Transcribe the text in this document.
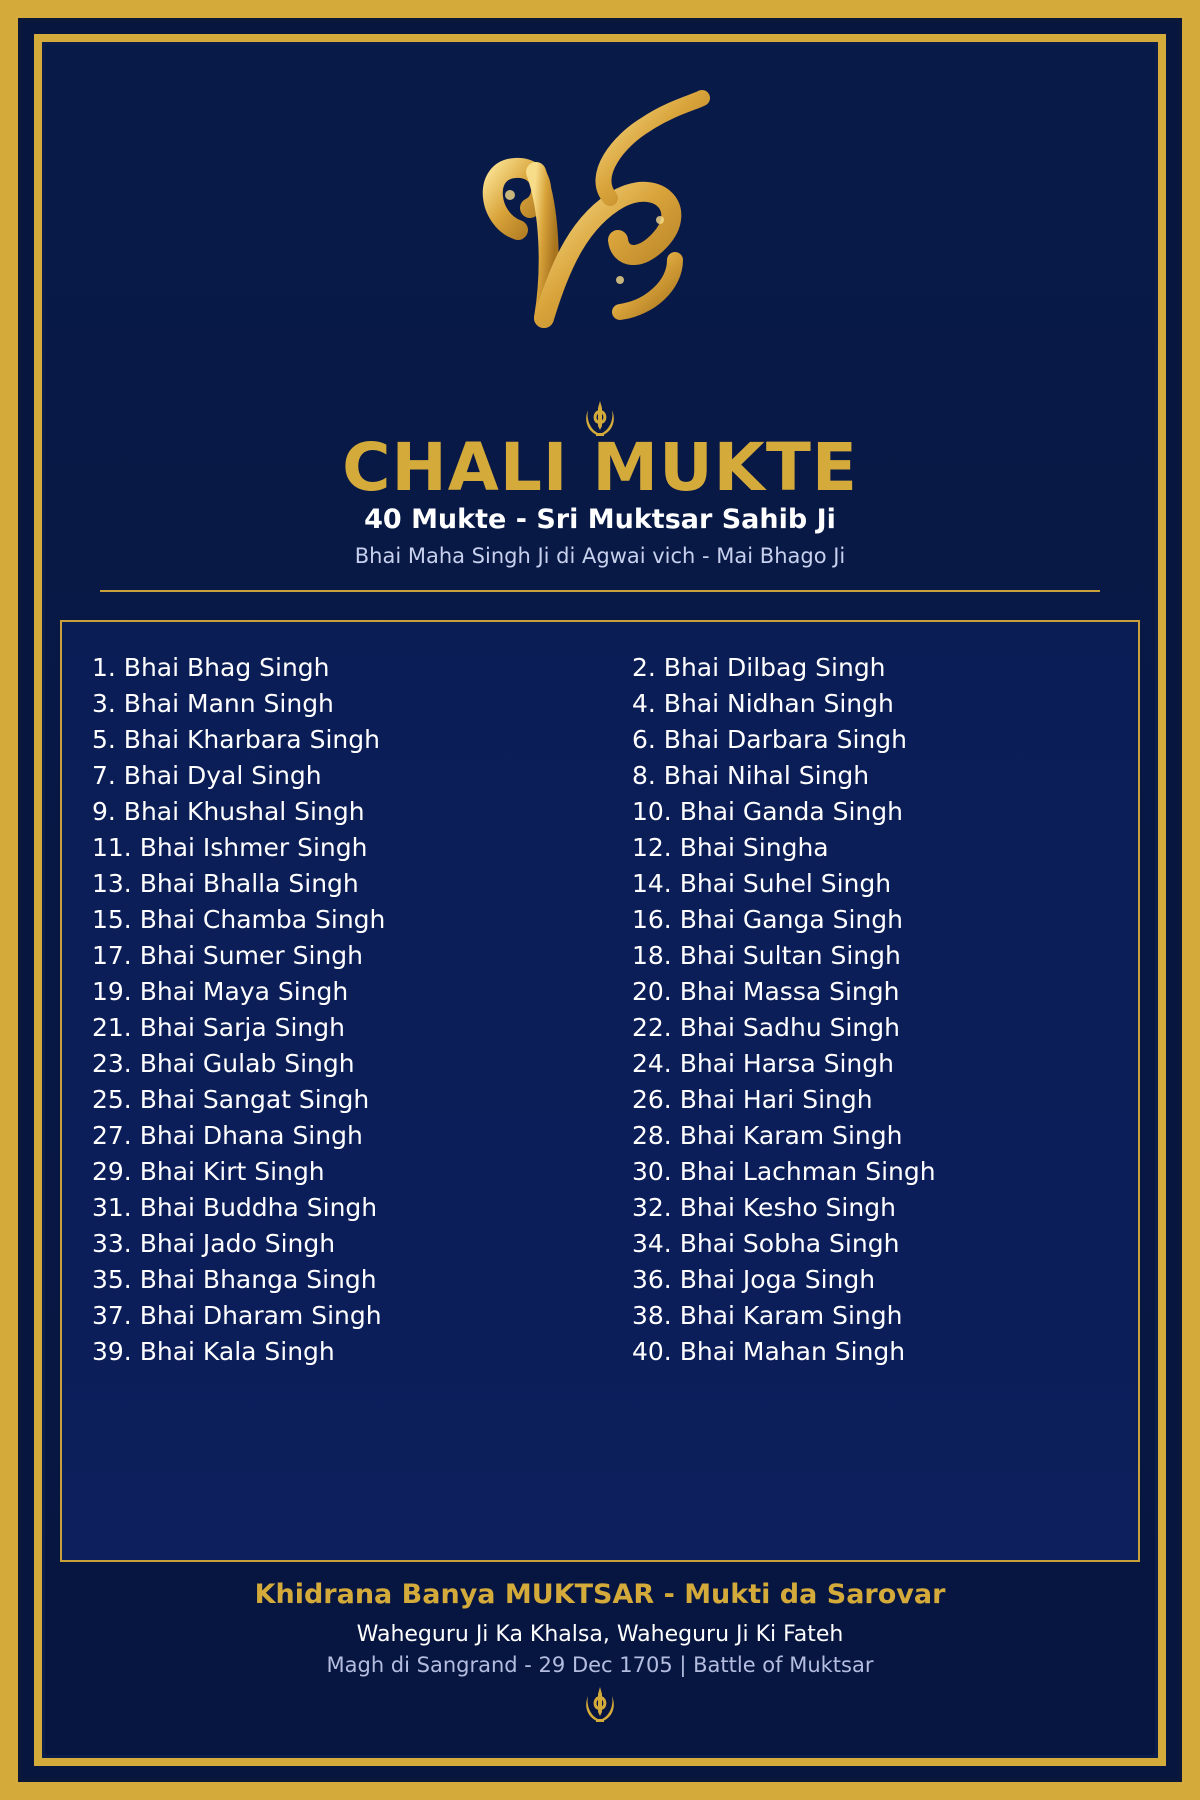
CHALI MUKTE
40 Mukte - Sri Muktsar Sahib Ji
Bhai Maha Singh Ji di Agwai vich - Mai Bhago Ji
1. Bhai Bhag Singh	2. Bhai Dilbag Singh
3. Bhai Mann Singh	4. Bhai Nidhan Singh
5. Bhai Kharbara Singh	6. Bhai Darbara Singh
7. Bhai Dyal Singh	8. Bhai Nihal Singh
9. Bhai Khushal Singh	10. Bhai Ganda Singh
11. Bhai Ishmer Singh	12. Bhai Singha
13. Bhai Bhalla Singh	14. Bhai Suhel Singh
15. Bhai Chamba Singh	16. Bhai Ganga Singh
17. Bhai Sumer Singh	18. Bhai Sultan Singh
19. Bhai Maya Singh	20. Bhai Massa Singh
21. Bhai Sarja Singh	22. Bhai Sadhu Singh
23. Bhai Gulab Singh	24. Bhai Harsa Singh
25. Bhai Sangat Singh	26. Bhai Hari Singh
27. Bhai Dhana Singh	28. Bhai Karam Singh
29. Bhai Kirt Singh	30. Bhai Lachman Singh
31. Bhai Buddha Singh	32. Bhai Kesho Singh
33. Bhai Jado Singh	34. Bhai Sobha Singh
35. Bhai Bhanga Singh	36. Bhai Joga Singh
37. Bhai Dharam Singh	38. Bhai Karam Singh
39. Bhai Kala Singh	40. Bhai Mahan Singh
Khidrana Banya MUKTSAR - Mukti da Sarovar
Waheguru Ji Ka Khalsa, Waheguru Ji Ki Fateh
Magh di Sangrand - 29 Dec 1705 | Battle of Muktsar
